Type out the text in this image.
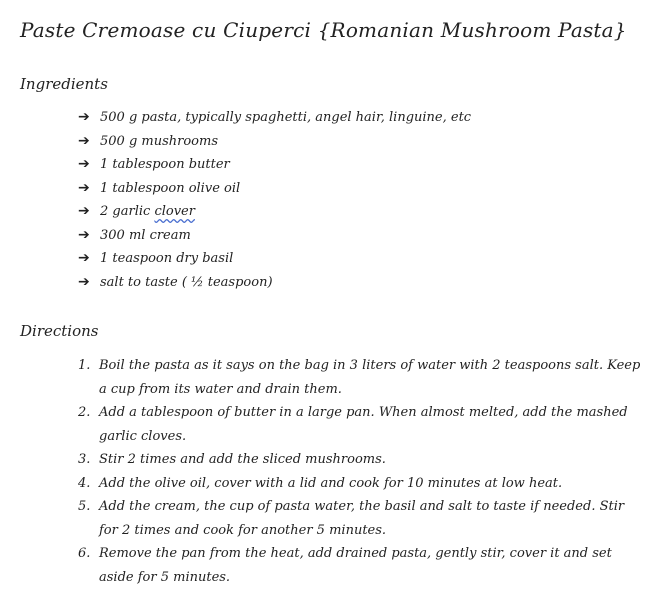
Paste Cremoase cu Ciuperci {Romanian Mushroom Pasta}
Ingredients
➔ 500 g pasta, typically spaghetti, angel hair, linguine, etc
➔ 500 g mushrooms
➔ 1 tablespoon butter
➔ 1 tablespoon olive oil
➔ 2 garlic clover
➔ 300 ml cream
➔ 1 teaspoon dry basil
➔ salt to taste ( ½ teaspoon)
Directions
1. Boil the pasta as it says on the bag in 3 liters of water with 2 teaspoons salt. Keep a cup from its water and drain them.
2. Add a tablespoon of butter in a large pan. When almost melted, add the mashed garlic cloves.
3. Stir 2 times and add the sliced mushrooms.
4. Add the olive oil, cover with a lid and cook for 10 minutes at low heat.
5. Add the cream, the cup of pasta water, the basil and salt to taste if needed. Stir for 2 times and cook for another 5 minutes.
6. Remove the pan from the heat, add drained pasta, gently stir, cover it and set aside for 5 minutes.
